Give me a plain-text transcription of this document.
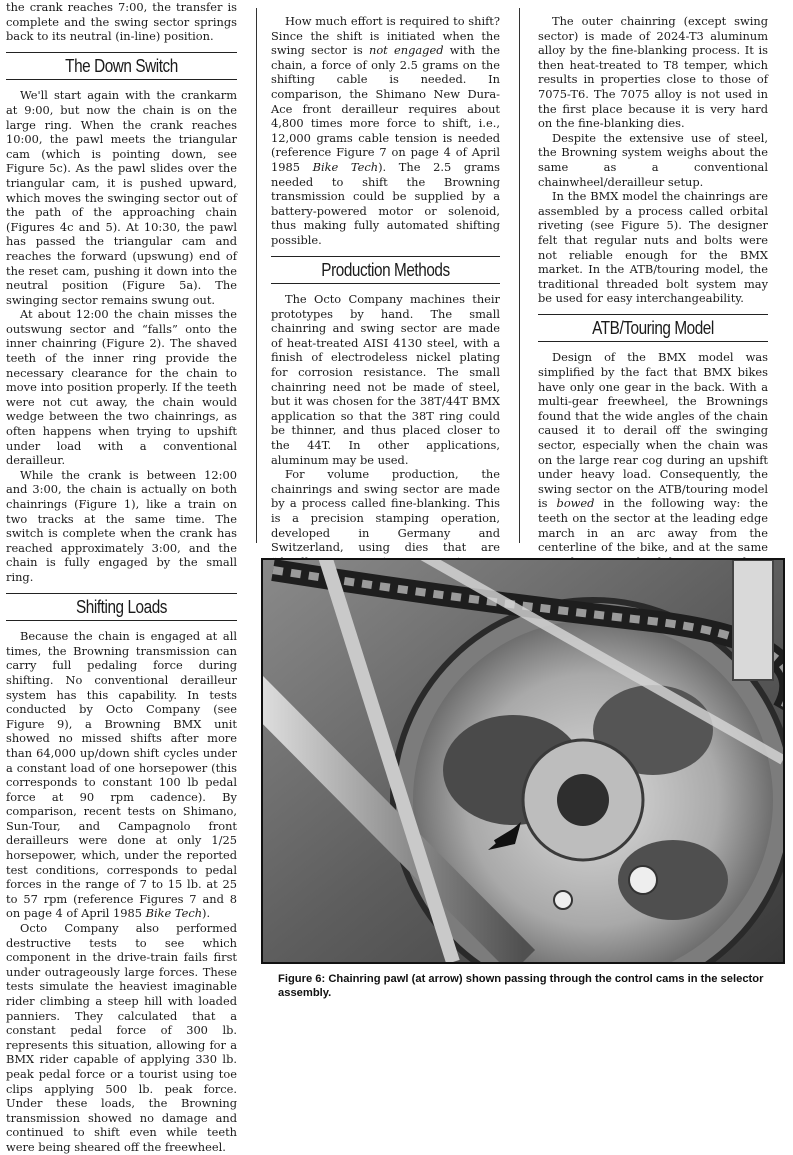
the crank reaches 7:00, the transfer is complete and the swing sector springs back to its neutral (in-line) position.

The Down Switch

We'll start again with the crankarm at 9:00, but now the chain is on the large ring. When the crank reaches 10:00, the pawl meets the triangular cam (which is pointing down, see Figure 5c). As the pawl slides over the triangular cam, it is pushed upward, which moves the swinging sector out of the path of the approaching chain (Figures 4c and 5). At 10:30, the pawl has passed the triangular cam and reaches the forward (upswung) end of the reset cam, pushing it down into the neutral position (Figure 5a). The swinging sector remains swung out.

At about 12:00 the chain misses the outswung sector and “falls” onto the inner chainring (Figure 2). The shaved teeth of the inner ring provide the necessary clearance for the chain to move into position properly. If the teeth were not cut away, the chain would wedge between the two chainrings, as often happens when trying to upshift under load with a conventional derailleur.

While the crank is between 12:00 and 3:00, the chain is actually on both chainrings (Figure 1), like a train on two tracks at the same time. The switch is complete when the crank has reached approximately 3:00, and the chain is fully engaged by the small ring.

Shifting Loads

Because the chain is engaged at all times, the Browning transmission can carry full pedaling force during shifting. No conventional derailleur system has this capability. In tests conducted by Octo Company (see Figure 9), a Browning BMX unit showed no missed shifts after more than 64,000 up/down shift cycles under a constant load of one horsepower (this corresponds to constant 100 lb pedal force at 90 rpm cadence). By comparison, recent tests on Shimano, Sun-Tour, and Campagnolo front derailleurs were done at only 1/25 horsepower, which, under the reported test conditions, corresponds to pedal forces in the range of 7 to 15 lb. at 25 to 57 rpm (reference Figures 7 and 8 on page 4 of April 1985 Bike Tech).

Octo Company also performed destructive tests to see which component in the drive-train fails first under outrageously large forces. These tests simulate the heaviest imaginable rider climbing a steep hill with loaded panniers. They calculated that a constant pedal force of 300 lb. represents this situation, allowing for a BMX rider capable of applying 330 lb. peak pedal force or a tourist using toe clips applying 500 lb. peak force. Under these loads, the Browning transmission showed no damage and continued to shift even while teeth were being sheared off the freewheel.

How much effort is required to shift? Since the shift is initiated when the swing sector is not engaged with the chain, a force of only 2.5 grams on the shifting cable is needed. In comparison, the Shimano New Dura-Ace front derailleur requires about 4,800 times more force to shift, i.e., 12,000 grams cable tension is needed (reference Figure 7 on page 4 of April 1985 Bike Tech). The 2.5 grams needed to shift the Browning transmission could be supplied by a battery-powered motor or solenoid, thus making fully automated shifting possible.

Production Methods

The Octo Company machines their prototypes by hand. The small chainring and swing sector are made of heat-treated AISI 4130 steel, with a finish of electrodeless nickel plating for corrosion resistance. The small chainring need not be made of steel, but it was chosen for the 38T/44T BMX application so that the 38T ring could be thinner, and thus placed closer to the 44T. In other applications, aluminum may be used.

For volume production, the chainrings and swing sector are made by a process called fine-blanking. This is a precision stamping operation, developed in Germany and Switzerland, using dies that are

The outer chainring (except swing sector) is made of 2024-T3 aluminum alloy by the fine-blanking process. It is then heat-treated to T8 temper, which results in properties close to those of 7075-T6. The 7075 alloy is not used in the first place because it is very hard on the fine-blanking dies.

Despite the extensive use of steel, the Browning system weighs about the same as a conventional chainwheel/derailleur setup.

In the BMX model the chainrings are assembled by a process called orbital riveting (see Figure 5). The designer felt that regular nuts and bolts were not reliable enough for the BMX market. In the ATB/touring model, the traditional threaded bolt system may be used for easy interchangeability.

ATB/Touring Model

Design of the BMX model was simplified by the fact that BMX bikes have only one gear in the back. With a multi-gear freewheel, the Brownings found that the wide angles of the chain caused it to derail off the swinging sector, especially when the chain was on the large rear cog during an upshift under heavy load. Consequently, the swing sector on the ATB/touring model is bowed in the following way: the teeth on the sector at the leading edge march in an arc away from the centerline of the bike, and at the same

Figure 6: Chainring pawl (at arrow) shown passing through the control cams in the selector assembly.
